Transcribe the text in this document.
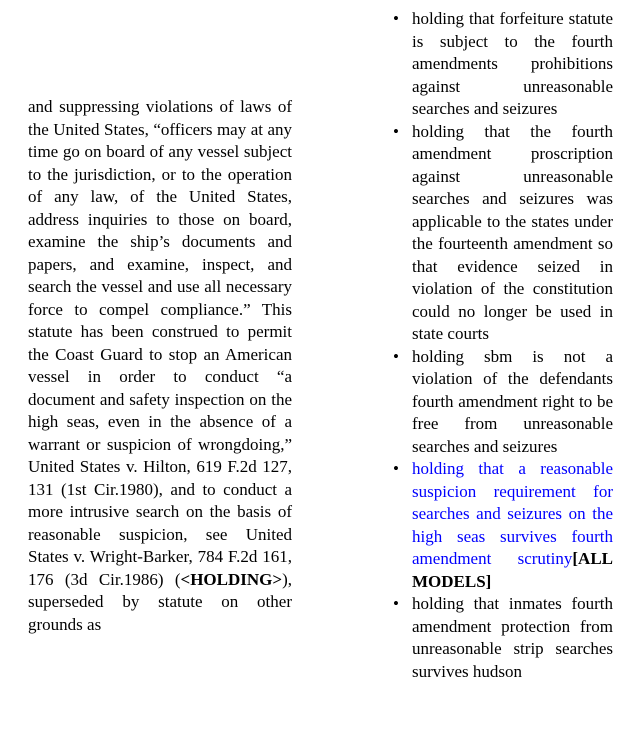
and suppressing violations of laws of the United States, “officers may at any time go on board of any vessel subject to the jurisdiction, or to the operation of any law, of the United States, address inquiries to those on board, examine the ship’s documents and papers, and examine, inspect, and search the vessel and use all necessary force to compel compliance.” This statute has been construed to permit the Coast Guard to stop an American vessel in order to conduct “a document and safety inspection on the high seas, even in the absence of a warrant or suspicion of wrongdoing,” United States v. Hilton, 619 F.2d 127, 131 (1st Cir.1980), and to conduct a more intrusive search on the basis of reasonable suspicion, see United States v. Wright-Barker, 784 F.2d 161, 176 (3d Cir.1986) (<HOLDING>), superseded by statute on other grounds as

• holding that forfeiture statute is subject to the fourth amendments prohibitions against unreasonable searches and seizures
• holding that the fourth amendment proscription against unreasonable searches and seizures was applicable to the states under the fourteenth amendment so that evidence seized in violation of the constitution could no longer be used in state courts
• holding sbm is not a violation of the defendants fourth amendment right to be free from unreasonable searches and seizures
• holding that a reasonable suspicion requirement for searches and seizures on the high seas survives fourth amendment scrutiny[ALL MODELS]
• holding that inmates fourth amendment protection from unreasonable strip searches survives hudson
